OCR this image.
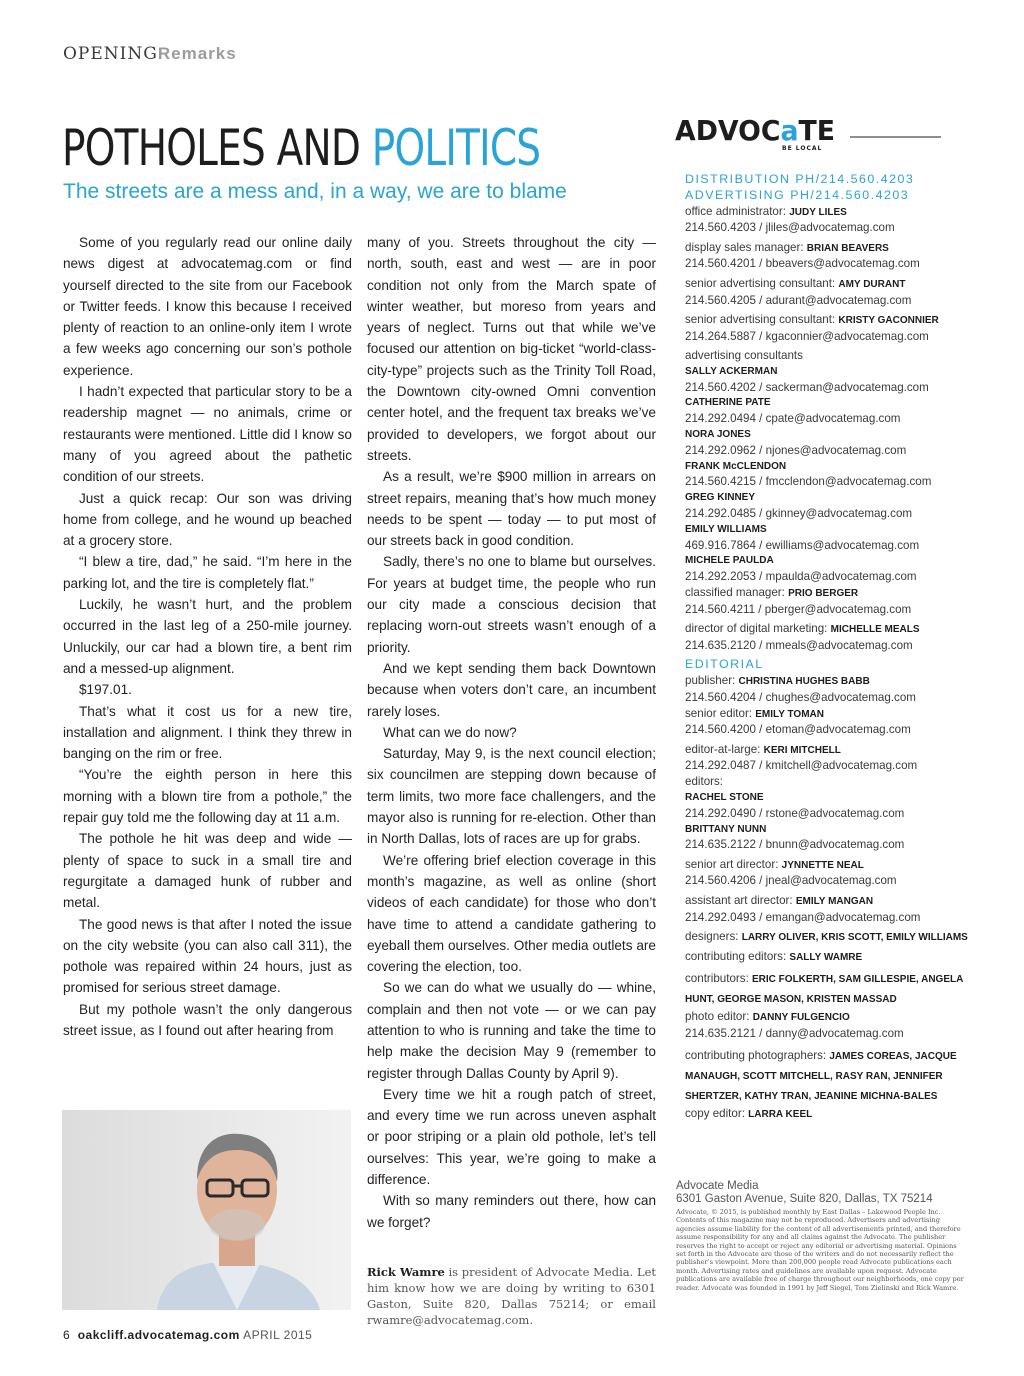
OPENINGRemarks
POTHOLES AND POLITICS
The streets are a mess and, in a way, we are to blame

Some of you regularly read our online daily news digest at advocatemag.com or find yourself directed to the site from our Facebook or Twitter feeds. I know this because I received plenty of reaction to an online-only item I wrote a few weeks ago concerning our son’s pothole experience.

I hadn’t expected that particular story to be a readership magnet — no animals, crime or restaurants were mentioned. Little did I know so many of you agreed about the pathetic condition of our streets.

Just a quick recap: Our son was driving home from college, and he wound up beached at a grocery store.

“I blew a tire, dad,” he said. “I’m here in the parking lot, and the tire is completely flat.”

Luckily, he wasn’t hurt, and the problem occurred in the last leg of a 250-mile journey. Unluckily, our car had a blown tire, a bent rim and a messed-up alignment.

$197.01.

That’s what it cost us for a new tire, installation and alignment. I think they threw in banging on the rim or free.

“You’re the eighth person in here this morning with a blown tire from a pothole,” the repair guy told me the following day at 11 a.m.

The pothole he hit was deep and wide — plenty of space to suck in a small tire and regurgitate a damaged hunk of rubber and metal.

The good news is that after I noted the issue on the city website (you can also call 311), the pothole was repaired within 24 hours, just as promised for serious street damage.

But my pothole wasn’t the only dangerous street issue, as I found out after hearing from

many of you. Streets throughout the city — north, south, east and west — are in poor condition not only from the March spate of winter weather, but moreso from years and years of neglect. Turns out that while we’ve focused our attention on big-ticket “world-class-city-type” projects such as the Trinity Toll Road, the Downtown city-owned Omni convention center hotel, and the frequent tax breaks we’ve provided to developers, we forgot about our streets.

As a result, we’re $900 million in arrears on street repairs, meaning that’s how much money needs to be spent — today — to put most of our streets back in good condition.

Sadly, there’s no one to blame but ourselves. For years at budget time, the people who run our city made a conscious decision that replacing worn-out streets wasn’t enough of a priority.

And we kept sending them back Downtown because when voters don’t care, an incumbent rarely loses.

What can we do now?

Saturday, May 9, is the next council election; six councilmen are stepping down because of term limits, two more face challengers, and the mayor also is running for re-election. Other than in North Dallas, lots of races are up for grabs.

We’re offering brief election coverage in this month’s magazine, as well as online (short videos of each candidate) for those who don’t have time to attend a candidate gathering to eyeball them ourselves. Other media outlets are covering the election, too.

So we can do what we usually do — whine, complain and then not vote — or we can pay attention to who is running and take the time to help make the decision May 9 (remember to register through Dallas County by April 9).

Every time we hit a rough patch of street, and every time we run across uneven asphalt or poor striping or a plain old pothole, let’s tell ourselves: This year, we’re going to make a difference.

With so many reminders out there, how can we forget?

Rick Wamre is president of Advocate Media. Let him know how we are doing by writing to 6301 Gaston, Suite 820, Dallas 75214; or email rwamre@advocatemag.com.
6 oakcliff.advocatemag.com APRIL 2015
ADVOCaTE
BE LOCAL
DISTRIBUTION PH/214.560.4203
ADVERTISING PH/214.560.4203
office administrator: JUDY LILES
214.560.4203 / jliles@advocatemag.com
display sales manager: BRIAN BEAVERS
214.560.4201 / bbeavers@advocatemag.com
senior advertising consultant: AMY DURANT
214.560.4205 / adurant@advocatemag.com
senior advertising consultant: KRISTY GACONNIER
214.264.5887 / kgaconnier@advocatemag.com
advertising consultants
SALLY ACKERMAN
214.560.4202 / sackerman@advocatemag.com
CATHERINE PATE
214.292.0494 / cpate@advocatemag.com
NORA JONES
214.292.0962 / njones@advocatemag.com
FRANK McCLENDON
214.560.4215 / fmcclendon@advocatemag.com
GREG KINNEY
214.292.0485 / gkinney@advocatemag.com
EMILY WILLIAMS
469.916.7864 / ewilliams@advocatemag.com
MICHELE PAULDA
214.292.2053 / mpaulda@advocatemag.com
classified manager: PRIO BERGER
214.560.4211 / pberger@advocatemag.com
director of digital marketing: MICHELLE MEALS
214.635.2120 / mmeals@advocatemag.com
EDITORIAL
publisher: CHRISTINA HUGHES BABB
214.560.4204 / chughes@advocatemag.com
senior editor: EMILY TOMAN
214.560.4200 / etoman@advocatemag.com
editor-at-large: KERI MITCHELL
214.292.0487 / kmitchell@advocatemag.com
editors:
RACHEL STONE
214.292.0490 / rstone@advocatemag.com
BRITTANY NUNN
214.635.2122 / bnunn@advocatemag.com
senior art director: JYNNETTE NEAL
214.560.4206 / jneal@advocatemag.com
assistant art director: EMILY MANGAN
214.292.0493 / emangan@advocatemag.com
designers: LARRY OLIVER, KRIS SCOTT, EMILY WILLIAMS
contributing editors: SALLY WAMRE
contributors: ERIC FOLKERTH, SAM GILLESPIE, ANGELA HUNT, GEORGE MASON, KRISTEN MASSAD
photo editor: DANNY FULGENCIO
214.635.2121 / danny@advocatemag.com
contributing photographers: JAMES COREAS, JACQUE MANAUGH, SCOTT MITCHELL, RASY RAN, JENNIFER SHERTZER, KATHY TRAN, JEANINE MICHNA-BALES
copy editor: LARRA KEEL
Advocate Media
6301 Gaston Avenue, Suite 820, Dallas, TX 75214
Advocate, © 2015, is published monthly by East Dallas – Lakewood People Inc. Contents of this magazine may not be reproduced. Advertisers and advertising agencies assume liability for the content of all advertisements printed, and therefore assume responsibility for any and all claims against the Advocate. The publisher reserves the right to accept or reject any editorial or advertising material. Opinions set forth in the Advocate are those of the writers and do not necessarily reflect the publisher’s viewpoint. More than 200,000 people read Advocate publications each month. Advertising rates and guidelines are available upon request. Advocate publications are available free of charge throughout our neighborhoods, one copy per reader. Advocate was founded in 1991 by Jeff Siegel, Tom Zielinski and Rick Wamre.
